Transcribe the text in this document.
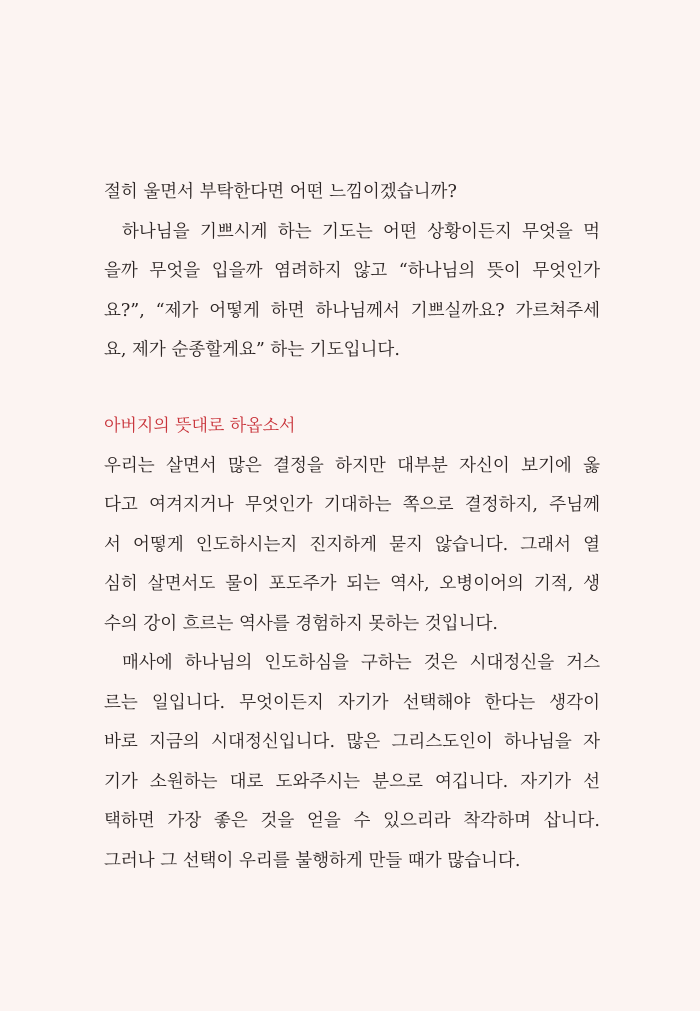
절히 울면서 부탁한다면 어떤 느낌이겠습니까?
하나님을 기쁘시게 하는 기도는 어떤 상황이든지 무엇을 먹
을까 무엇을 입을까 염려하지 않고 “하나님의 뜻이 무엇인가
요?”, “제가 어떻게 하면 하나님께서 기쁘실까요? 가르쳐주세
요, 제가 순종할게요” 하는 기도입니다.
아버지의 뜻대로 하옵소서
우리는 살면서 많은 결정을 하지만 대부분 자신이 보기에 옳
다고 여겨지거나 무엇인가 기대하는 쪽으로 결정하지, 주님께
서 어떻게 인도하시는지 진지하게 묻지 않습니다. 그래서 열
심히 살면서도 물이 포도주가 되는 역사, 오병이어의 기적, 생
수의 강이 흐르는 역사를 경험하지 못하는 것입니다.
매사에 하나님의 인도하심을 구하는 것은 시대정신을 거스
르는 일입니다. 무엇이든지 자기가 선택해야 한다는 생각이
바로 지금의 시대정신입니다. 많은 그리스도인이 하나님을 자
기가 소원하는 대로 도와주시는 분으로 여깁니다. 자기가 선
택하면 가장 좋은 것을 얻을 수 있으리라 착각하며 삽니다.
그러나 그 선택이 우리를 불행하게 만들 때가 많습니다.
